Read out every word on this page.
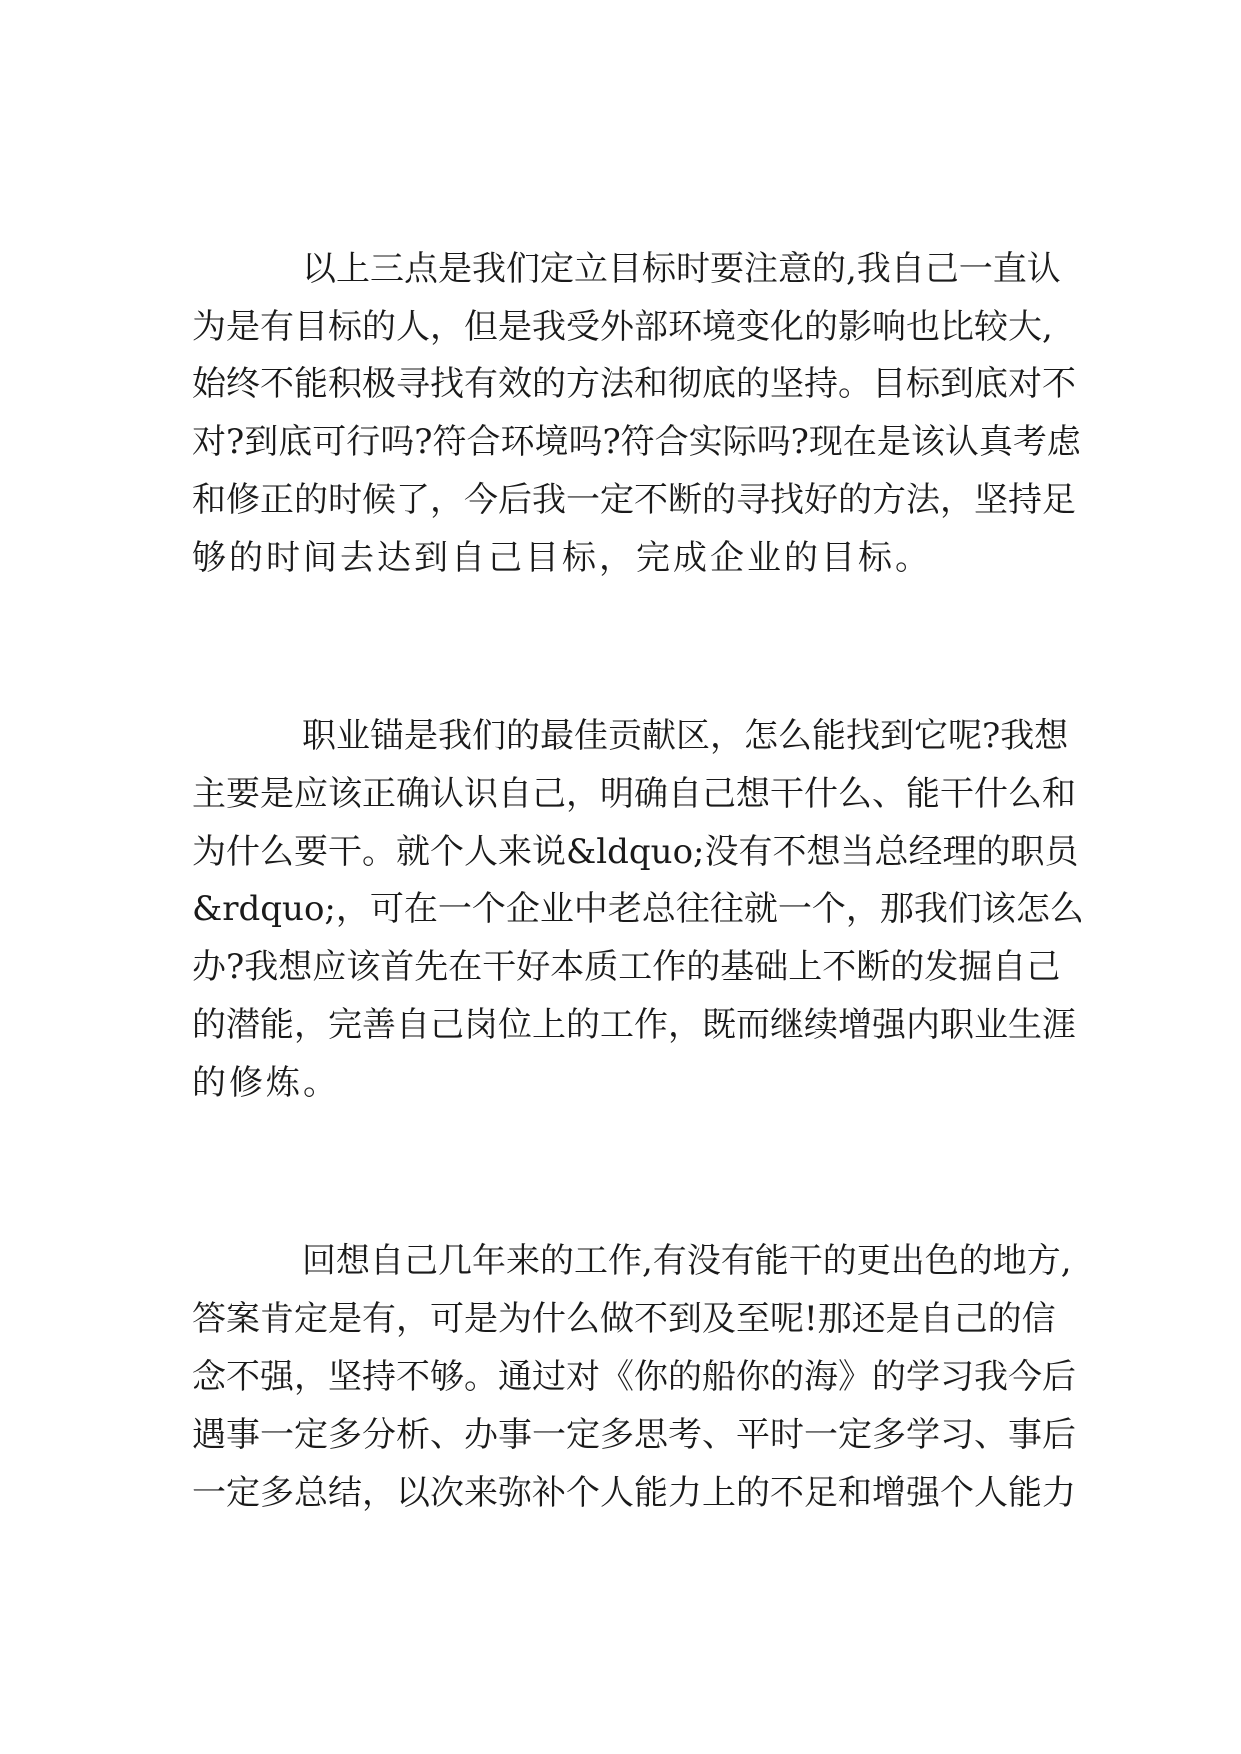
以上三点是我们定立目标时要注意的,我自己一直认
为是有目标的人，但是我受外部环境变化的影响也比较大,
始终不能积极寻找有效的方法和彻底的坚持。目标到底对不
对?到底可行吗?符合环境吗?符合实际吗?现在是该认真考虑
和修正的时候了，今后我一定不断的寻找好的方法，坚持足
够的时间去达到自己目标，完成企业的目标。
职业锚是我们的最佳贡献区，怎么能找到它呢?我想
主要是应该正确认识自己，明确自己想干什么、能干什么和
为什么要干。就个人来说&ldquo;没有不想当总经理的职员
&rdquo;，可在一个企业中老总往往就一个，那我们该怎么
办?我想应该首先在干好本质工作的基础上不断的发掘自己
的潜能，完善自己岗位上的工作，既而继续增强内职业生涯
的修炼。
回想自己几年来的工作,有没有能干的更出色的地方,
答案肯定是有，可是为什么做不到及至呢!那还是自己的信
念不强，坚持不够。通过对《你的船你的海》的学习我今后
遇事一定多分析、办事一定多思考、平时一定多学习、事后
一定多总结，以次来弥补个人能力上的不足和增强个人能力
